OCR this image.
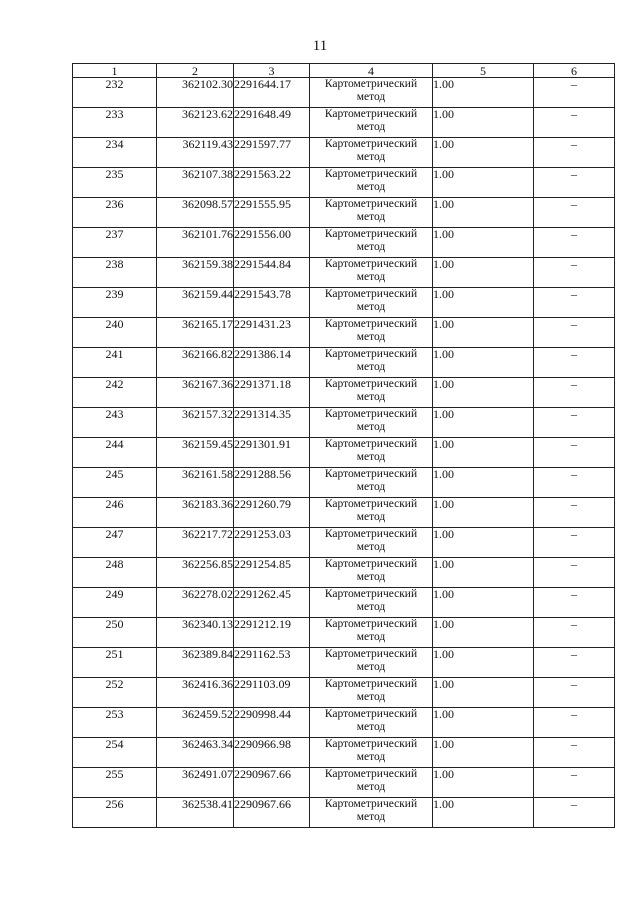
11
1	2	3	4	5	6
232	362102.30	2291644.17	Картометрический
метод	1.00	–
233	362123.62	2291648.49	Картометрический
метод	1.00	–
234	362119.43	2291597.77	Картометрический
метод	1.00	–
235	362107.38	2291563.22	Картометрический
метод	1.00	–
236	362098.57	2291555.95	Картометрический
метод	1.00	–
237	362101.76	2291556.00	Картометрический
метод	1.00	–
238	362159.38	2291544.84	Картометрический
метод	1.00	–
239	362159.44	2291543.78	Картометрический
метод	1.00	–
240	362165.17	2291431.23	Картометрический
метод	1.00	–
241	362166.82	2291386.14	Картометрический
метод	1.00	–
242	362167.36	2291371.18	Картометрический
метод	1.00	–
243	362157.32	2291314.35	Картометрический
метод	1.00	–
244	362159.45	2291301.91	Картометрический
метод	1.00	–
245	362161.58	2291288.56	Картометрический
метод	1.00	–
246	362183.36	2291260.79	Картометрический
метод	1.00	–
247	362217.72	2291253.03	Картометрический
метод	1.00	–
248	362256.85	2291254.85	Картометрический
метод	1.00	–
249	362278.02	2291262.45	Картометрический
метод	1.00	–
250	362340.13	2291212.19	Картометрический
метод	1.00	–
251	362389.84	2291162.53	Картометрический
метод	1.00	–
252	362416.36	2291103.09	Картометрический
метод	1.00	–
253	362459.52	2290998.44	Картометрический
метод	1.00	–
254	362463.34	2290966.98	Картометрический
метод	1.00	–
255	362491.07	2290967.66	Картометрический
метод	1.00	–
256	362538.41	2290967.66	Картометрический
метод	1.00	–
